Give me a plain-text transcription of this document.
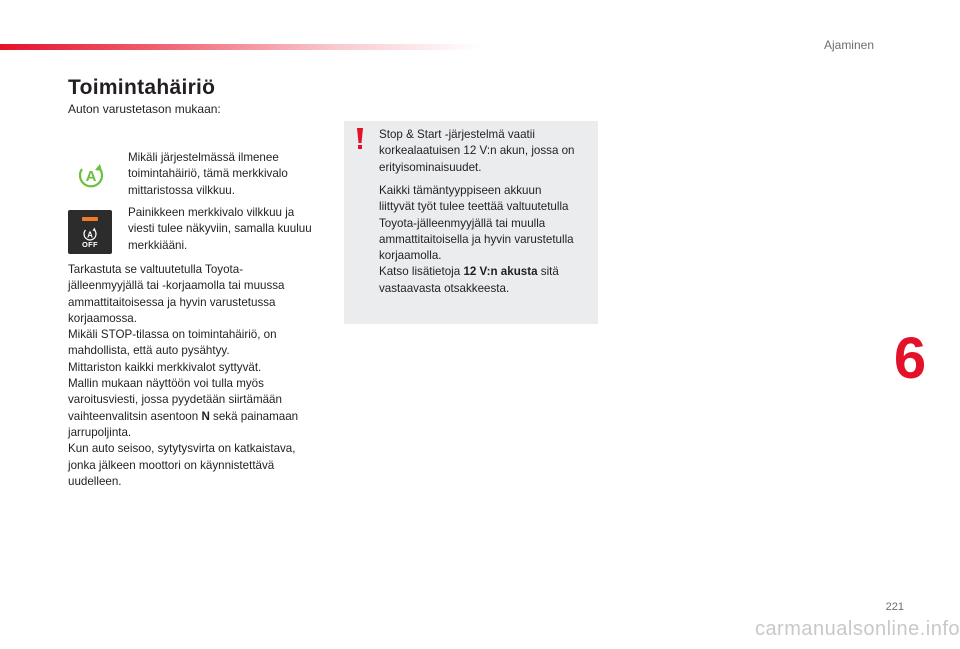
Ajaminen
Toimintahäiriö

Auton varustetason mukaan:

A

Mikäli järjestelmässä ilmenee
toimintahäiriö, tämä merkkivalo
mittaristossa vilkkuu.

A
OFF

Painikkeen merkkivalo vilkkuu ja
viesti tulee näkyviin, samalla kuuluu
merkkiääni.

Tarkastuta se valtuutetulla Toyota-
jälleenmyyjällä tai -korjaamolla tai muussa
ammattitaitoisessa ja hyvin varustetussa
korjaamossa.
Mikäli STOP-tilassa on toimintahäiriö, on
mahdollista, että auto pysähtyy.
Mittariston kaikki merkkivalot syttyvät.
Mallin mukaan näyttöön voi tulla myös
varoitusviesti, jossa pyydetään siirtämään
vaihteenvalitsin asentoon N sekä painamaan
jarrupoljinta.
Kun auto seisoo, sytytysvirta on katkaistava,
jonka jälkeen moottori on käynnistettävä
uudelleen.

Stop & Start -järjestelmä vaatii
korkealaatuisen 12 V:n akun, jossa on
erityisominaisuudet.

Kaikki tämäntyyppiseen akkuun
liittyvät työt tulee teettää valtuutetulla
Toyota-jälleenmyyjällä tai muulla
ammattitaitoisella ja hyvin varustetulla
korjaamolla.
Katso lisätietoja 12 V:n akusta sitä
vastaavasta otsakkeesta.

6
221
carmanualsonline.info
